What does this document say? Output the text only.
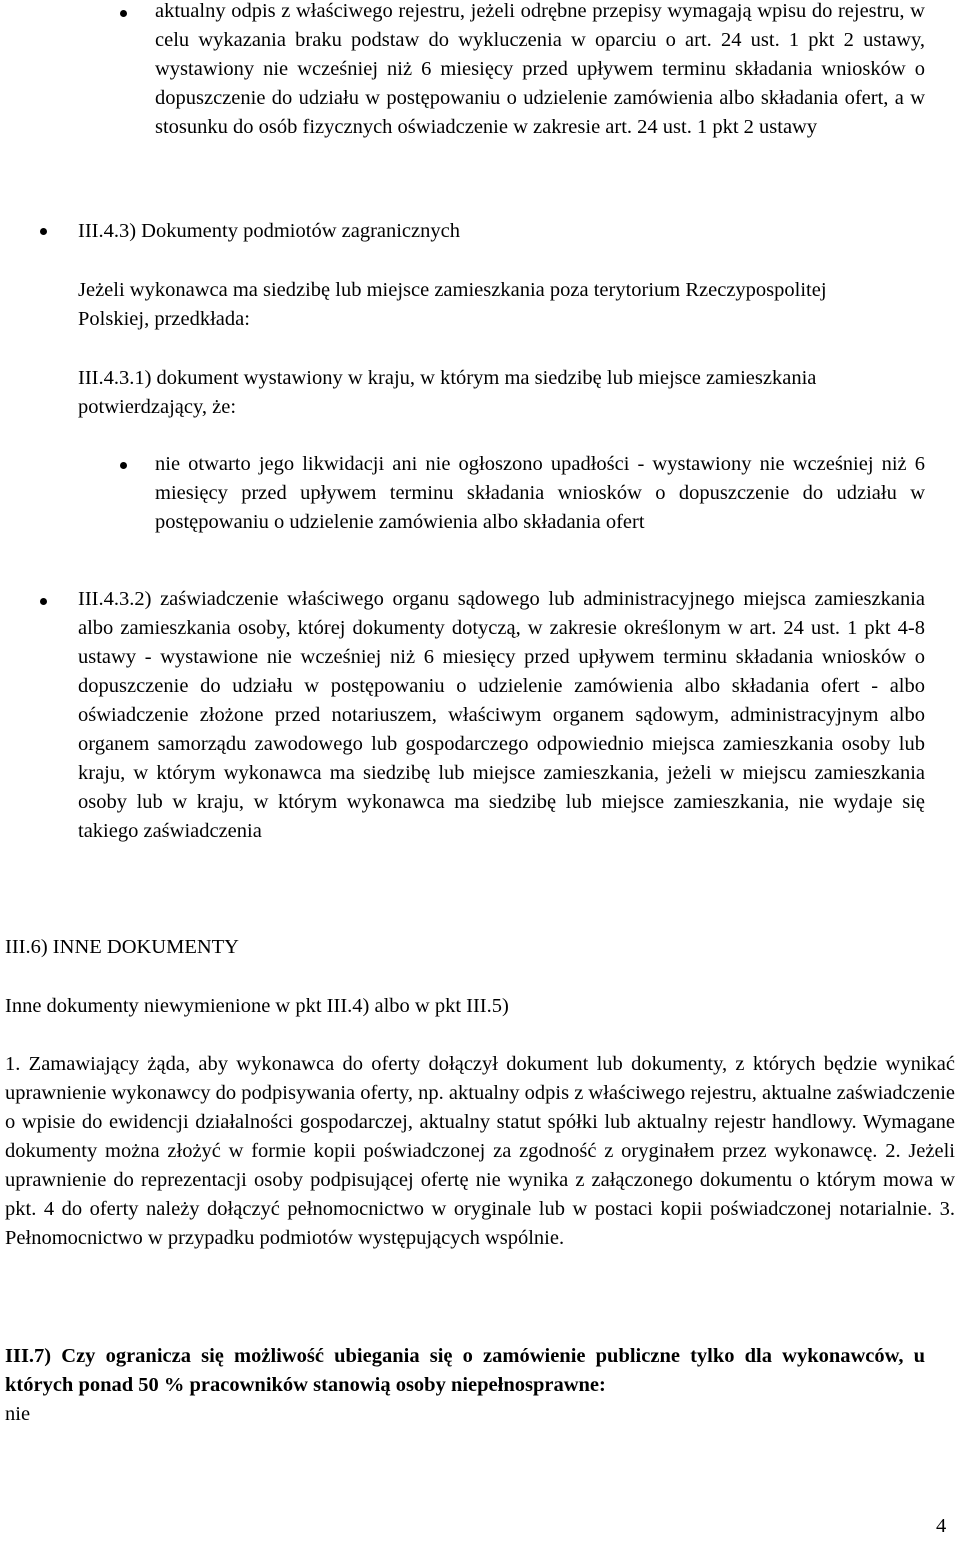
aktualny odpis z właściwego rejestru, jeżeli odrębne przepisy wymagają wpisu do rejestru, w celu wykazania braku podstaw do wykluczenia w oparciu o art. 24 ust. 1 pkt 2 ustawy, wystawiony nie wcześniej niż 6 miesięcy przed upływem terminu składania wniosków o dopuszczenie do udziału w postępowaniu o udzielenie zamówienia albo składania ofert, a w stosunku do osób fizycznych oświadczenie w zakresie art. 24 ust. 1 pkt 2 ustawy
III.4.3) Dokumenty podmiotów zagranicznych
Jeżeli wykonawca ma siedzibę lub miejsce zamieszkania poza terytorium Rzeczypospolitej Polskiej, przedkłada:
III.4.3.1) dokument wystawiony w kraju, w którym ma siedzibę lub miejsce zamieszkania potwierdzający, że:
nie otwarto jego likwidacji ani nie ogłoszono upadłości - wystawiony nie wcześniej niż 6 miesięcy przed upływem terminu składania wniosków o dopuszczenie do udziału w postępowaniu o udzielenie zamówienia albo składania ofert
III.4.3.2) zaświadczenie właściwego organu sądowego lub administracyjnego miejsca zamieszkania albo zamieszkania osoby, której dokumenty dotyczą, w zakresie określonym w art. 24 ust. 1 pkt 4-8 ustawy - wystawione nie wcześniej niż 6 miesięcy przed upływem terminu składania wniosków o dopuszczenie do udziału w postępowaniu o udzielenie zamówienia albo składania ofert - albo oświadczenie złożone przed notariuszem, właściwym organem sądowym, administracyjnym albo organem samorządu zawodowego lub gospodarczego odpowiednio miejsca zamieszkania osoby lub kraju, w którym wykonawca ma siedzibę lub miejsce zamieszkania, jeżeli w miejscu zamieszkania osoby lub w kraju, w którym wykonawca ma siedzibę lub miejsce zamieszkania, nie wydaje się takiego zaświadczenia
III.6) INNE DOKUMENTY
Inne dokumenty niewymienione w pkt III.4) albo w pkt III.5)
1. Zamawiający żąda, aby wykonawca do oferty dołączył dokument lub dokumenty, z których będzie wynikać uprawnienie wykonawcy do podpisywania oferty, np. aktualny odpis z właściwego rejestru, aktualne zaświadczenie o wpisie do ewidencji działalności gospodarczej, aktualny statut spółki lub aktualny rejestr handlowy. Wymagane dokumenty można złożyć w formie kopii poświadczonej za zgodność z oryginałem przez wykonawcę. 2. Jeżeli uprawnienie do reprezentacji osoby podpisującej ofertę nie wynika z załączonego dokumentu o którym mowa w pkt. 4 do oferty należy dołączyć pełnomocnictwo w oryginale lub w postaci kopii poświadczonej notarialnie. 3. Pełnomocnictwo w przypadku podmiotów występujących wspólnie.
III.7) Czy ogranicza się możliwość ubiegania się o zamówienie publiczne tylko dla wykonawców, u których ponad 50 % pracowników stanowią osoby niepełnosprawne:
nie
4
